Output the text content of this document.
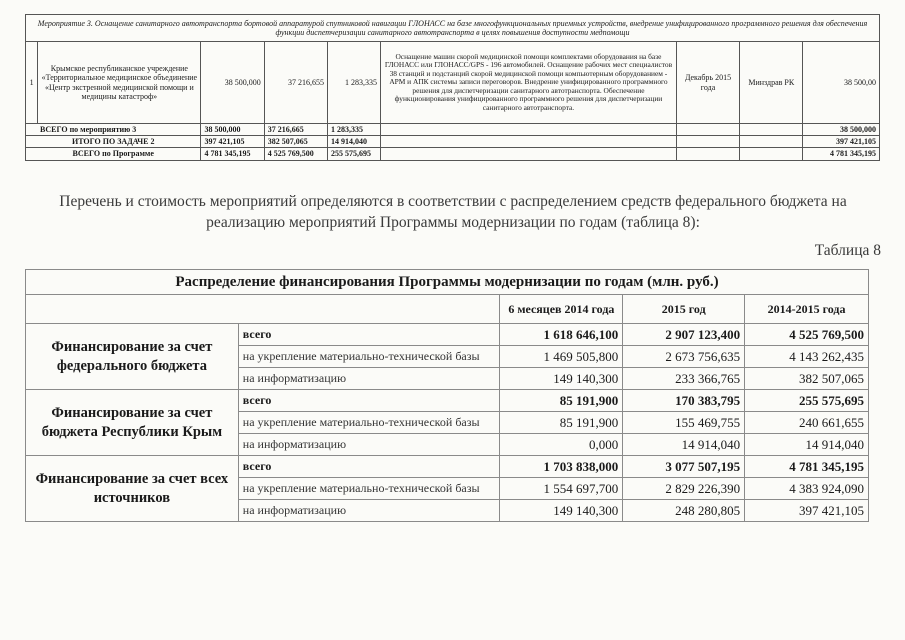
Мероприятие 3. Оснащение санитарного автотранспорта бортовой аппаратурой спутниковой навигации ГЛОНАСС на базе многофункциональных приемных устройств, внедрение унифицированного программного решения для обеспечения функции диспетчеризации санитарного автотранспорта в целях повышения доступности медпомощи								
1	Крымское республиканское учреждение «Территориальное медицинское объединение «Центр экстренной медицинской помощи и медицины катастроф»	38 500,000	37 216,655	1 283,335	Оснащение машин скорой медицинской помощи комплектами оборудования на базе ГЛОНАСС или ГЛОНАСС/GPS - 196 автомобилей. Оснащение рабочих мест специалистов 38 станций и подстанций скорой медицинской помощи компьютерным оборудованием - АРМ и АПК системы записи переговоров. Внедрение унифицированного программного решения для диспетчеризации санитарного автотранспорта. Обеспечение функционирования унифицированного программного решения для диспетчеризации санитарного автотранспорта.	Декабрь 2015 года	Минздрав РК	38 500,00
ВСЕГО по мероприятию 3		38 500,000	37 216,665	1 283,335				38 500,000
ИТОГО ПО ЗАДАЧЕ 2		397 421,105	382 507,065	14 914,040				397 421,105
ВСЕГО по Программе		4 781 345,195	4 525 769,500	255 575,695				4 781 345,195
Перечень и стоимость мероприятий определяются в соответствии с распределением средств федерального бюджета на реализацию мероприятий Программы модернизации по годам (таблица 8):
Таблица 8
Распределение финансирования Программы модернизации по годам (млн. руб.)				
		6 месяцев 2014 года	2015 год	2014-2015 года
Финансирование за счет федерального бюджета	всего	1 618 646,100	2 907 123,400	4 525 769,500
	на укрепление материально-технической базы	1 469 505,800	2 673 756,635	4 143 262,435
	на информатизацию	149 140,300	233 366,765	382 507,065
Финансирование за счет бюджета Республики Крым	всего	85 191,900	170 383,795	255 575,695
	на укрепление материально-технической базы	85 191,900	155 469,755	240 661,655
	на информатизацию	0,000	14 914,040	14 914,040
Финансирование за счет всех источников	всего	1 703 838,000	3 077 507,195	4 781 345,195
	на укрепление материально-технической базы	1 554 697,700	2 829 226,390	4 383 924,090
	на информатизацию	149 140,300	248 280,805	397 421,105
